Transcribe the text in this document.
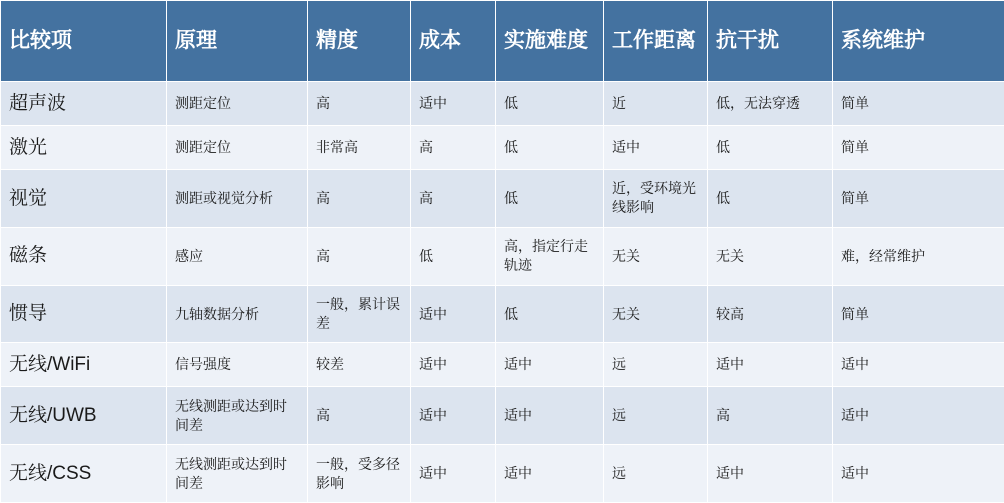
比较项	原理	精度	成本	实施难度	工作距离	抗干扰	系统维护
超声波	测距定位	高	适中	低	近	低，无法穿透	简单
激光	测距定位	非常高	高	低	适中	低	简单
视觉	测距或视觉分析	高	高	低	近，受环境光线影响	低	简单
磁条	感应	高	低	高，指定行走轨迹	无关	无关	难，经常维护
惯导	九轴数据分析	一般，累计误差	适中	低	无关	较高	简单
无线/WiFi	信号强度	较差	适中	适中	远	适中	适中
无线/UWB	无线测距或达到时间差	高	适中	适中	远	高	适中
无线/CSS	无线测距或达到时间差	一般，受多径影响	适中	适中	远	适中	适中
